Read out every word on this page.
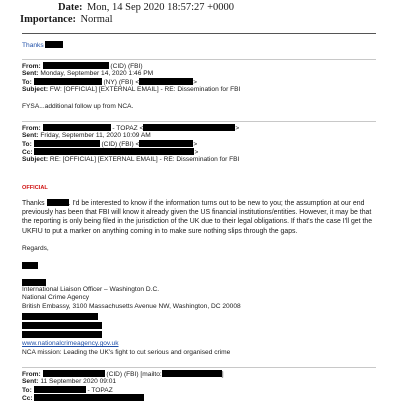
Date: Mon, 14 Sep 2020 18:57:27 +0000
Importance: Normal
Thanks
From:	(CID) (FBI)
Sent: Monday, September 14, 2020 1:46 PM
To:	(NY) (FBI) <	>
Subject: FW: [OFFICIAL] [EXTERNAL EMAIL] - RE: Dissemination for FBI
FYSA...additional follow up from NCA.
From:	- TOPAZ <	>
Sent: Friday, September 11, 2020 10:09 AM
To:	(CID) (FBI) <	>
Cc:	>
Subject: RE: [OFFICIAL] [EXTERNAL EMAIL] - RE: Dissemination for FBI
OFFICIAL
Thanks	. I'd be interested to know if the information turns out to be new to you; the assumption at our end previously has been that FBI will know it already given the US financial institutions/entities. However, it may be that the reporting is only being filed in the jurisdiction of the UK due to their legal obligations. If that's the case I'll get the UKFIU to put a marker on anything coming in to make sure nothing slips through the gaps.
Regards,
International Liaison Officer – Washington D.C.
National Crime Agency
British Embassy, 3100 Massachusetts Avenue NW, Washington, DC 20008
www.nationalcrimeagency.gov.uk
NCA mission: Leading the UK's fight to cut serious and organised crime
From:	(CID) (FBI) [mailto:	]
Sent: 11 September 2020 09:01
To:	- TOPAZ
Cc:
